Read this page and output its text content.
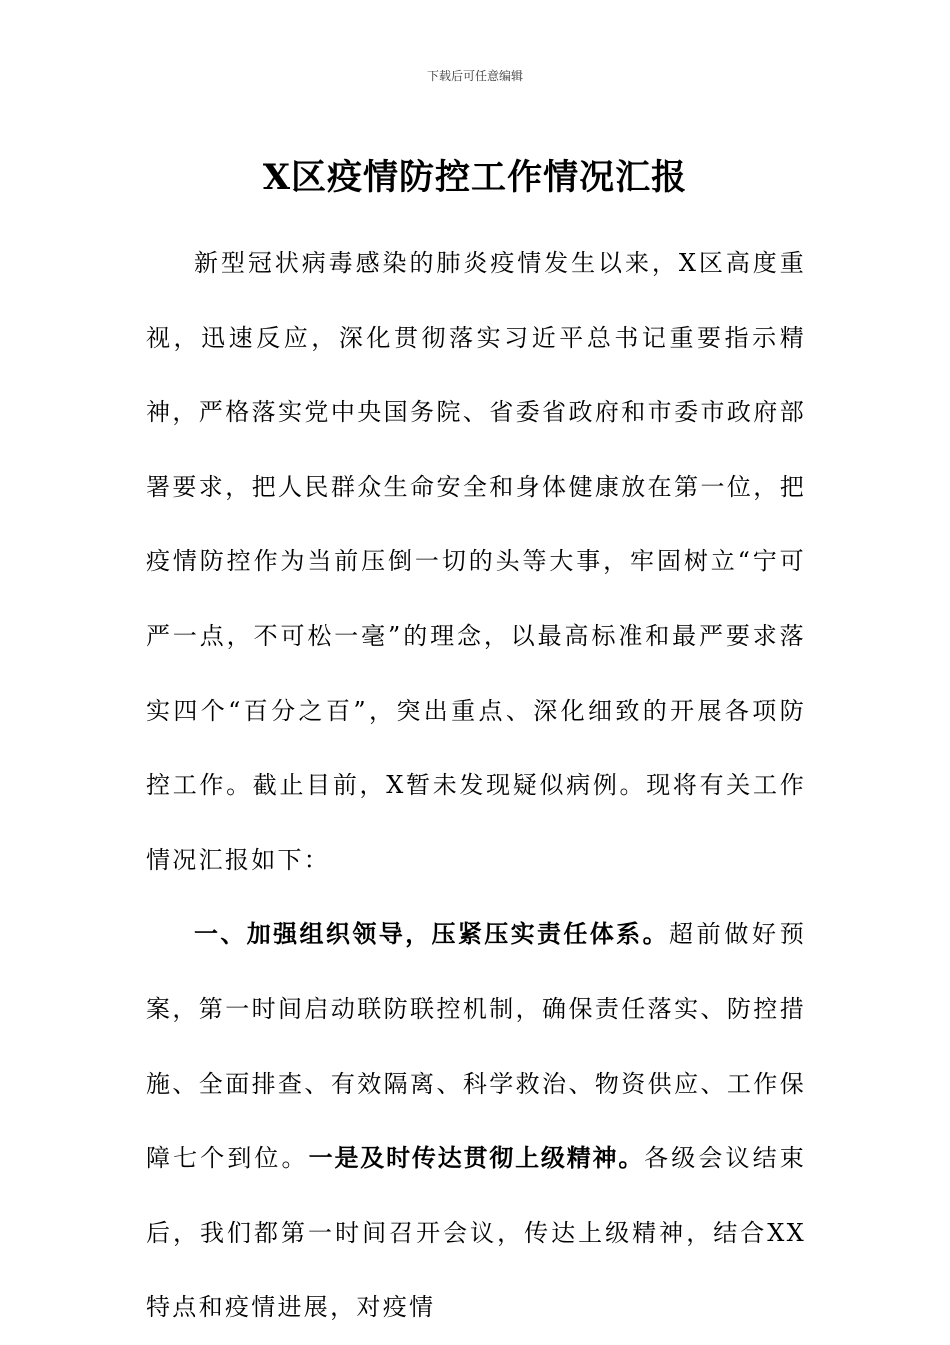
下载后可任意编辑
X区疫情防控工作情况汇报

新型冠状病毒感染的肺炎疫情发生以来，X区高度重视，迅速反应，深化贯彻落实习近平总书记重要指示精神，严格落实党中央国务院、省委省政府和市委市政府部署要求，把人民群众生命安全和身体健康放在第一位，把疫情防控作为当前压倒一切的头等大事，牢固树立“宁可严一点，不可松一毫”的理念，以最高标准和最严要求落实四个“百分之百”，突出重点、深化细致的开展各项防控工作。截止目前，X暂未发现疑似病例。现将有关工作情况汇报如下：

一、加强组织领导，压紧压实责任体系。超前做好预案，第一时间启动联防联控机制，确保责任落实、防控措施、全面排查、有效隔离、科学救治、物资供应、工作保障七个到位。一是及时传达贯彻上级精神。各级会议结束后，我们都第一时间召开会议，传达上级精神，结合XX特点和疫情进展，对疫情
